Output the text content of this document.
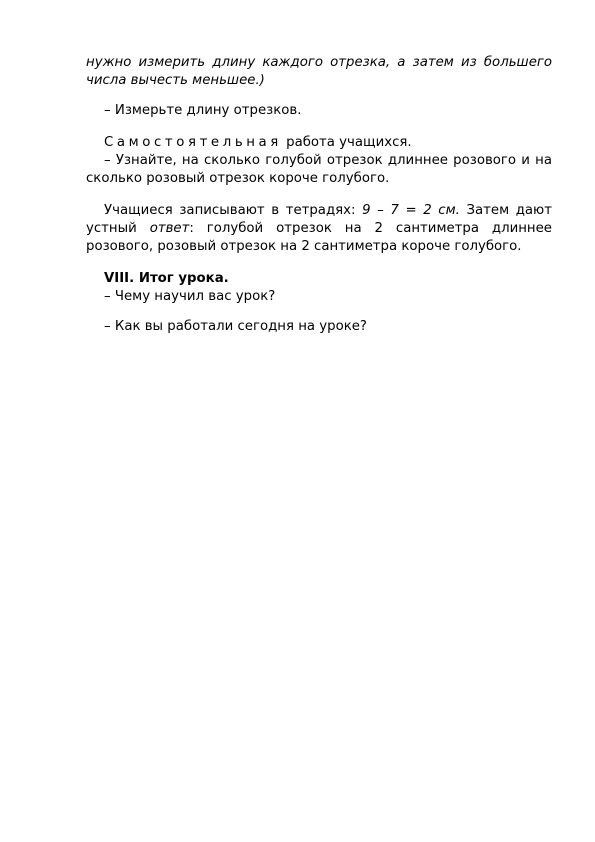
нужно измерить длину каждого отрезка, а затем из большего числа вычесть меньшее.)

– Измерьте длину отрезков.

Самостоятельная работа учащихся.

– Узнайте, на сколько голубой отрезок длиннее розового и на сколько розовый отрезок короче голубого.

Учащиеся записывают в тетрадях: 9 – 7 = 2 см. Затем дают устный ответ: голубой отрезок на 2 сантиметра длиннее розового, розовый отрезок на 2 сантиметра короче голубого.

VIII. Итог урока.

– Чему научил вас урок?

– Как вы работали сегодня на уроке?
